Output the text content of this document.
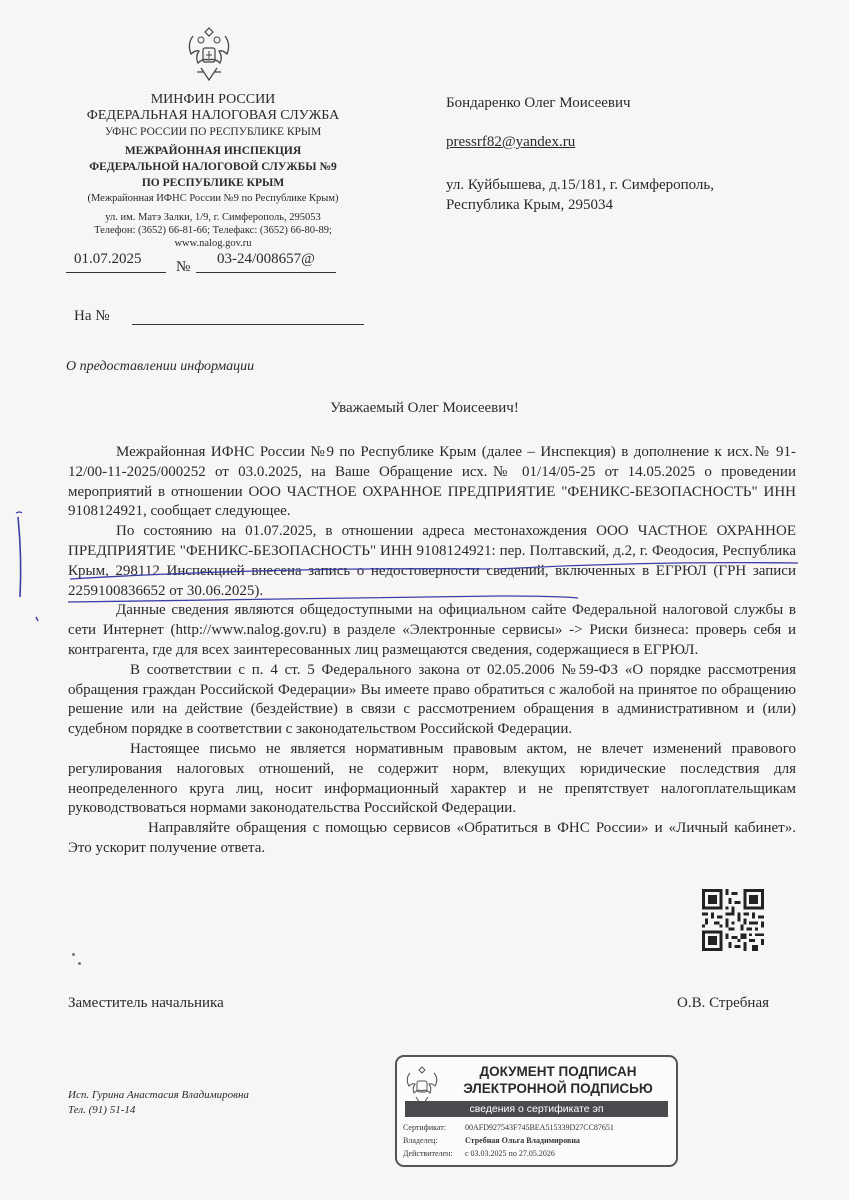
МИНФИН РОССИИ
ФЕДЕРАЛЬНАЯ НАЛОГОВАЯ СЛУЖБА
УФНС РОССИИ ПО РЕСПУБЛИКЕ КРЫМ
МЕЖРАЙОННАЯ ИНСПЕКЦИЯ
ФЕДЕРАЛЬНОЙ НАЛОГОВОЙ СЛУЖБЫ №9
ПО РЕСПУБЛИКЕ КРЫМ
(Межрайонная ИФНС России №9 по Республике Крым)
ул. им. Матэ Залки, 1/9, г. Симферополь, 295053
Телефон: (3652) 66-81-66; Телефакс: (3652) 66-80-89;
www.nalog.gov.ru
01.07.2025 № 03-24/008657@
На №
Бондаренко Олег Моисеевич
pressrf82@yandex.ru
ул. Куйбышева, д.15/181, г. Симферополь,
Республика Крым, 295034
О предоставлении информации
Уважаемый Олег Моисеевич!

Межрайонная ИФНС России №9 по Республике Крым (далее – Инспекция) в дополнение к исх.№ 91-12/00-11-2025/000252 от 03.0.2025, на Ваше Обращение исх.№ 01/14/05-25 от 14.05.2025 о проведении мероприятий в отношении ООО ЧАСТНОЕ ОХРАННОЕ ПРЕДПРИЯТИЕ "ФЕНИКС-БЕЗОПАСНОСТЬ" ИНН 9108124921, сообщает следующее.

По состоянию на 01.07.2025, в отношении адреса местонахождения ООО ЧАСТНОЕ ОХРАННОЕ ПРЕДПРИЯТИЕ "ФЕНИКС-БЕЗОПАСНОСТЬ" ИНН 9108124921: пер. Полтавский, д.2, г. Феодосия, Республика Крым, 298112 Инспекцией внесена запись о недостоверности сведений, включенных в ЕГРЮЛ (ГРН записи 2259100836652 от 30.06.2025).

Данные сведения являются общедоступными на официальном сайте Федеральной налоговой службы в сети Интернет (http://www.nalog.gov.ru) в разделе «Электронные сервисы» -> Риски бизнеса: проверь себя и контрагента, где для всех заинтересованных лиц размещаются сведения, содержащиеся в ЕГРЮЛ.

В соответствии с п. 4 ст. 5 Федерального закона от 02.05.2006 №59-ФЗ «О порядке рассмотрения обращения граждан Российской Федерации» Вы имеете право обратиться с жалобой на принятое по обращению решение или на действие (бездействие) в связи с рассмотрением обращения в административном и (или) судебном порядке в соответствии с законодательством Российской Федерации.

Настоящее письмо не является нормативным правовым актом, не влечет изменений правового регулирования налоговых отношений, не содержит норм, влекущих юридические последствия для неопределенного круга лиц, носит информационный характер и не препятствует налогоплательщикам руководствоваться нормами законодательства Российской Федерации.

Направляйте обращения с помощью сервисов «Обратиться в ФНС России» и «Личный кабинет». Это ускорит получение ответа.

Заместитель начальника	О.В. Стребная
Исп. Гурина Анастасия Владимировна
Тел. (91) 51-14
ДОКУМЕНТ ПОДПИСАН
ЭЛЕКТРОННОЙ ПОДПИСЬЮ
сведения о сертификате эп
Сертификат:	00AFD927543F745BEA515339D27CC87651
Владелец:	Стребная Ольга Владимировна
Действителен:	с 03.03.2025 по 27.05.2026
